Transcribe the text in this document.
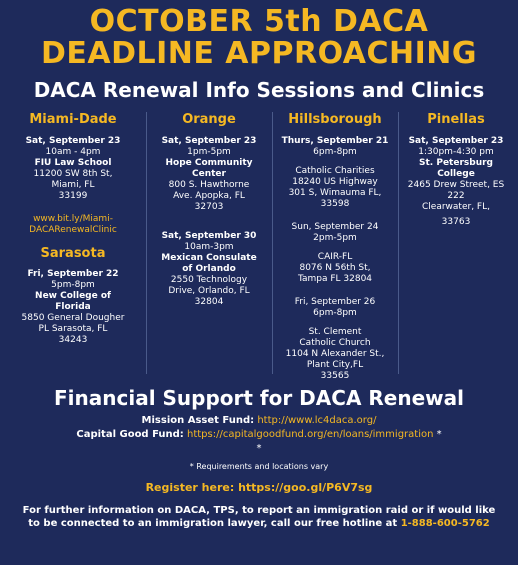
OCTOBER 5th DACA
DEADLINE APPROACHING
DACA Renewal Info Sessions and Clinics
Miami-Dade
Sat, September 23
10am - 4pm
FIU Law School
11200 SW 8th St,
Miami, FL
33199
www.bit.ly/Miami-
DACARenewalClinic
Sarasota
Fri, September 22
5pm-8pm
New College of
Florida
5850 General Dougher
PL Sarasota, FL
34243
Orange
Sat, September 23
1pm-5pm
Hope Community
Center
800 S. Hawthorne
Ave. Apopka, FL
32703
Sat, September 30
10am-3pm
Mexican Consulate
of Orlando
2550 Technology
Drive, Orlando, FL
32804
Hillsborough
Thurs, September 21
6pm-8pm
Catholic Charities
18240 US Highway
301 S, Wimauma FL,
33598
Sun, September 24
2pm-5pm
CAIR-FL
8076 N 56th St,
Tampa FL 32804
Fri, September 26
6pm-8pm
St. Clement
Catholic Church
1104 N Alexander St.,
Plant City,FL
33565
Pinellas
Sat, September 23
1:30pm-4:30 pm
St. Petersburg College
2465 Drew Street, ES 222
Clearwater, FL,
33763
Financial Support for DACA Renewal
Mission Asset Fund: http://www.lc4daca.org/
Capital Good Fund: https://capitalgoodfund.org/en/loans/immigration *
*
* Requirements and locations vary
Register here: https://goo.gl/P6V7sg
For further information on DACA, TPS, to report an immigration raid or if would like
to be connected to an immigration lawyer, call our free hotline at 1-888-600-5762
